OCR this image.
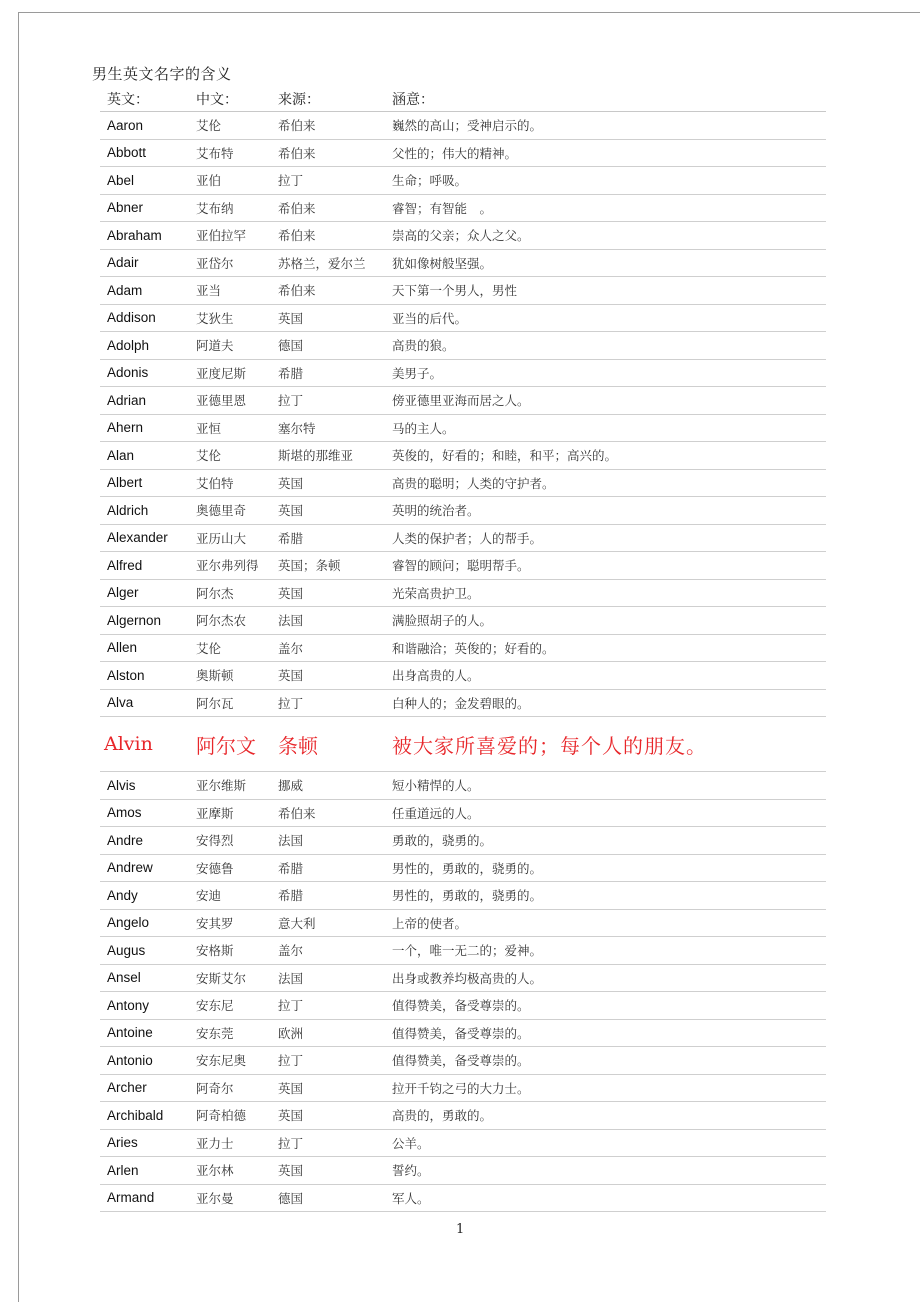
男生英文名字的含义
英文：	中文：	来源：	涵意：
Aaron	艾伦	希伯来	巍然的高山；受神启示的。
Abbott	艾布特	希伯来	父性的；伟大的精神。
Abel	亚伯	拉丁	生命；呼吸。
Abner	艾布纳	希伯来	睿智；有智能　。
Abraham	亚伯拉罕	希伯来	崇高的父亲；众人之父。
Adair	亚岱尔	苏格兰，爱尔兰	犹如像树般坚强。
Adam	亚当	希伯来	天下第一个男人，男性
Addison	艾狄生	英国	亚当的后代。
Adolph	阿道夫	德国	高贵的狼。
Adonis	亚度尼斯	希腊	美男子。
Adrian	亚德里恩	拉丁	傍亚德里亚海而居之人。
Ahern	亚恒	塞尔特	马的主人。
Alan	艾伦	斯堪的那维亚	英俊的，好看的；和睦，和平；高兴的。
Albert	艾伯特	英国	高贵的聪明；人类的守护者。
Aldrich	奥德里奇	英国	英明的统治者。
Alexander	亚历山大	希腊	人类的保护者；人的帮手。
Alfred	亚尔弗列得	英国；条顿	睿智的顾问；聪明帮手。
Alger	阿尔杰	英国	光荣高贵护卫。
Algernon	阿尔杰农	法国	满脸照胡子的人。
Allen	艾伦	盖尔	和谐融洽；英俊的；好看的。
Alston	奥斯顿	英国	出身高贵的人。
Alva	阿尔瓦	拉丁	白种人的；金发碧眼的。
Alvin	阿尔文	条顿	被大家所喜爱的；每个人的朋友。
Alvis	亚尔维斯	挪威	短小精悍的人。
Amos	亚摩斯	希伯来	任重道远的人。
Andre	安得烈	法国	勇敢的，骁勇的。
Andrew	安德鲁	希腊	男性的，勇敢的，骁勇的。
Andy	安迪	希腊	男性的，勇敢的，骁勇的。
Angelo	安其罗	意大利	上帝的使者。
Augus	安格斯	盖尔	一个，唯一无二的；爱神。
Ansel	安斯艾尔	法国	出身或教养均极高贵的人。
Antony	安东尼	拉丁	值得赞美，备受尊崇的。
Antoine	安东莞	欧洲	值得赞美，备受尊崇的。
Antonio	安东尼奥	拉丁	值得赞美，备受尊崇的。
Archer	阿奇尔	英国	拉开千钧之弓的大力士。
Archibald	阿奇柏德	英国	高贵的，勇敢的。
Aries	亚力士	拉丁	公羊。
Arlen	亚尔林	英国	誓约。
Armand	亚尔曼	德国	军人。
1
